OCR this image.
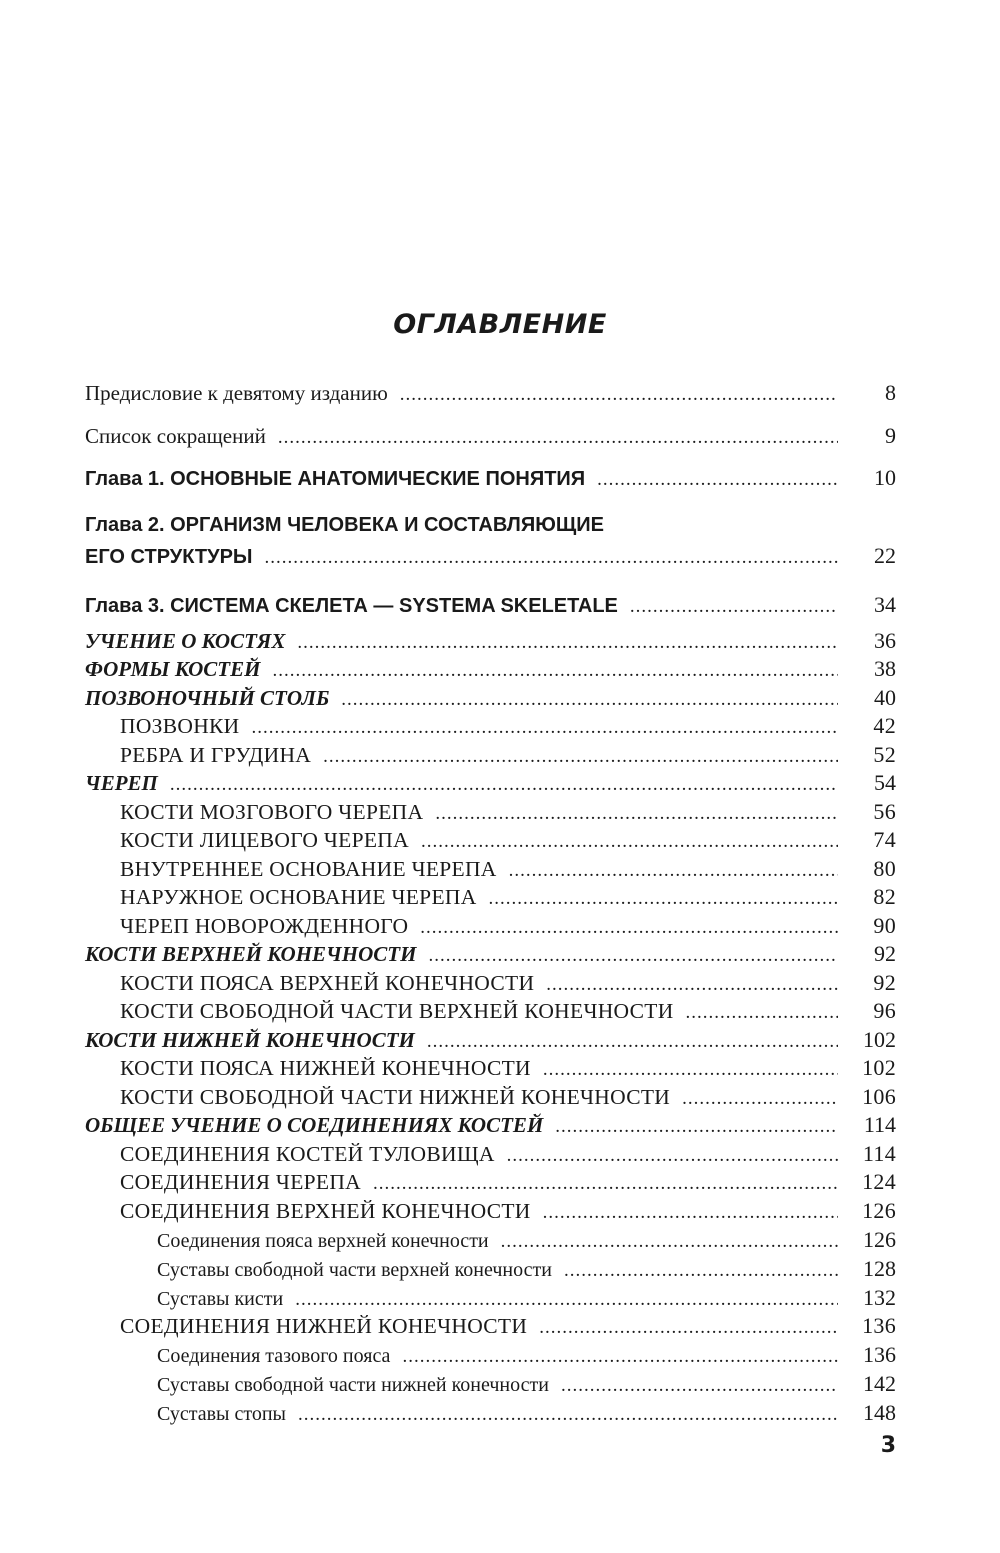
ОГЛАВЛЕНИЕ
Предисловие к девятому изданию .....	8
Список сокращений .....	9
Глава 1. ОСНОВНЫЕ АНАТОМИЧЕСКИЕ ПОНЯТИЯ .....	10
Глава 2. ОРГАНИЗМ ЧЕЛОВЕКА И СОСТАВЛЯЮЩИЕ
ЕГО СТРУКТУРЫ .....	22
Глава 3. СИСТЕМА СКЕЛЕТА — SYSTEMA SKELETALE .....	34
УЧЕНИЕ О КОСТЯХ .....	36
ФОРМЫ КОСТЕЙ .....	38
ПОЗВОНОЧНЫЙ СТОЛБ .....	40
ПОЗВОНКИ .....	42
РЕБРА И ГРУДИНА .....	52
ЧЕРЕП .....	54
КОСТИ МОЗГОВОГО ЧЕРЕПА .....	56
КОСТИ ЛИЦЕВОГО ЧЕРЕПА .....	74
ВНУТРЕННЕЕ ОСНОВАНИЕ ЧЕРЕПА .....	80
НАРУЖНОЕ ОСНОВАНИЕ ЧЕРЕПА .....	82
ЧЕРЕП НОВОРОЖДЕННОГО .....	90
КОСТИ ВЕРХНЕЙ КОНЕЧНОСТИ .....	92
КОСТИ ПОЯСА ВЕРХНЕЙ КОНЕЧНОСТИ .....	92
КОСТИ СВОБОДНОЙ ЧАСТИ ВЕРХНЕЙ КОНЕЧНОСТИ .....	96
КОСТИ НИЖНЕЙ КОНЕЧНОСТИ .....	102
КОСТИ ПОЯСА НИЖНЕЙ КОНЕЧНОСТИ .....	102
КОСТИ СВОБОДНОЙ ЧАСТИ НИЖНЕЙ КОНЕЧНОСТИ .....	106
ОБЩЕЕ УЧЕНИЕ О СОЕДИНЕНИЯХ КОСТЕЙ .....	114
СОЕДИНЕНИЯ КОСТЕЙ ТУЛОВИЩА .....	114
СОЕДИНЕНИЯ ЧЕРЕПА .....	124
СОЕДИНЕНИЯ ВЕРХНЕЙ КОНЕЧНОСТИ .....	126
Соединения пояса верхней конечности .....	126
Суставы свободной части верхней конечности .....	128
Суставы кисти .....	132
СОЕДИНЕНИЯ НИЖНЕЙ КОНЕЧНОСТИ .....	136
Соединения тазового пояса .....	136
Суставы свободной части нижней конечности .....	142
Суставы стопы .....	148
3
